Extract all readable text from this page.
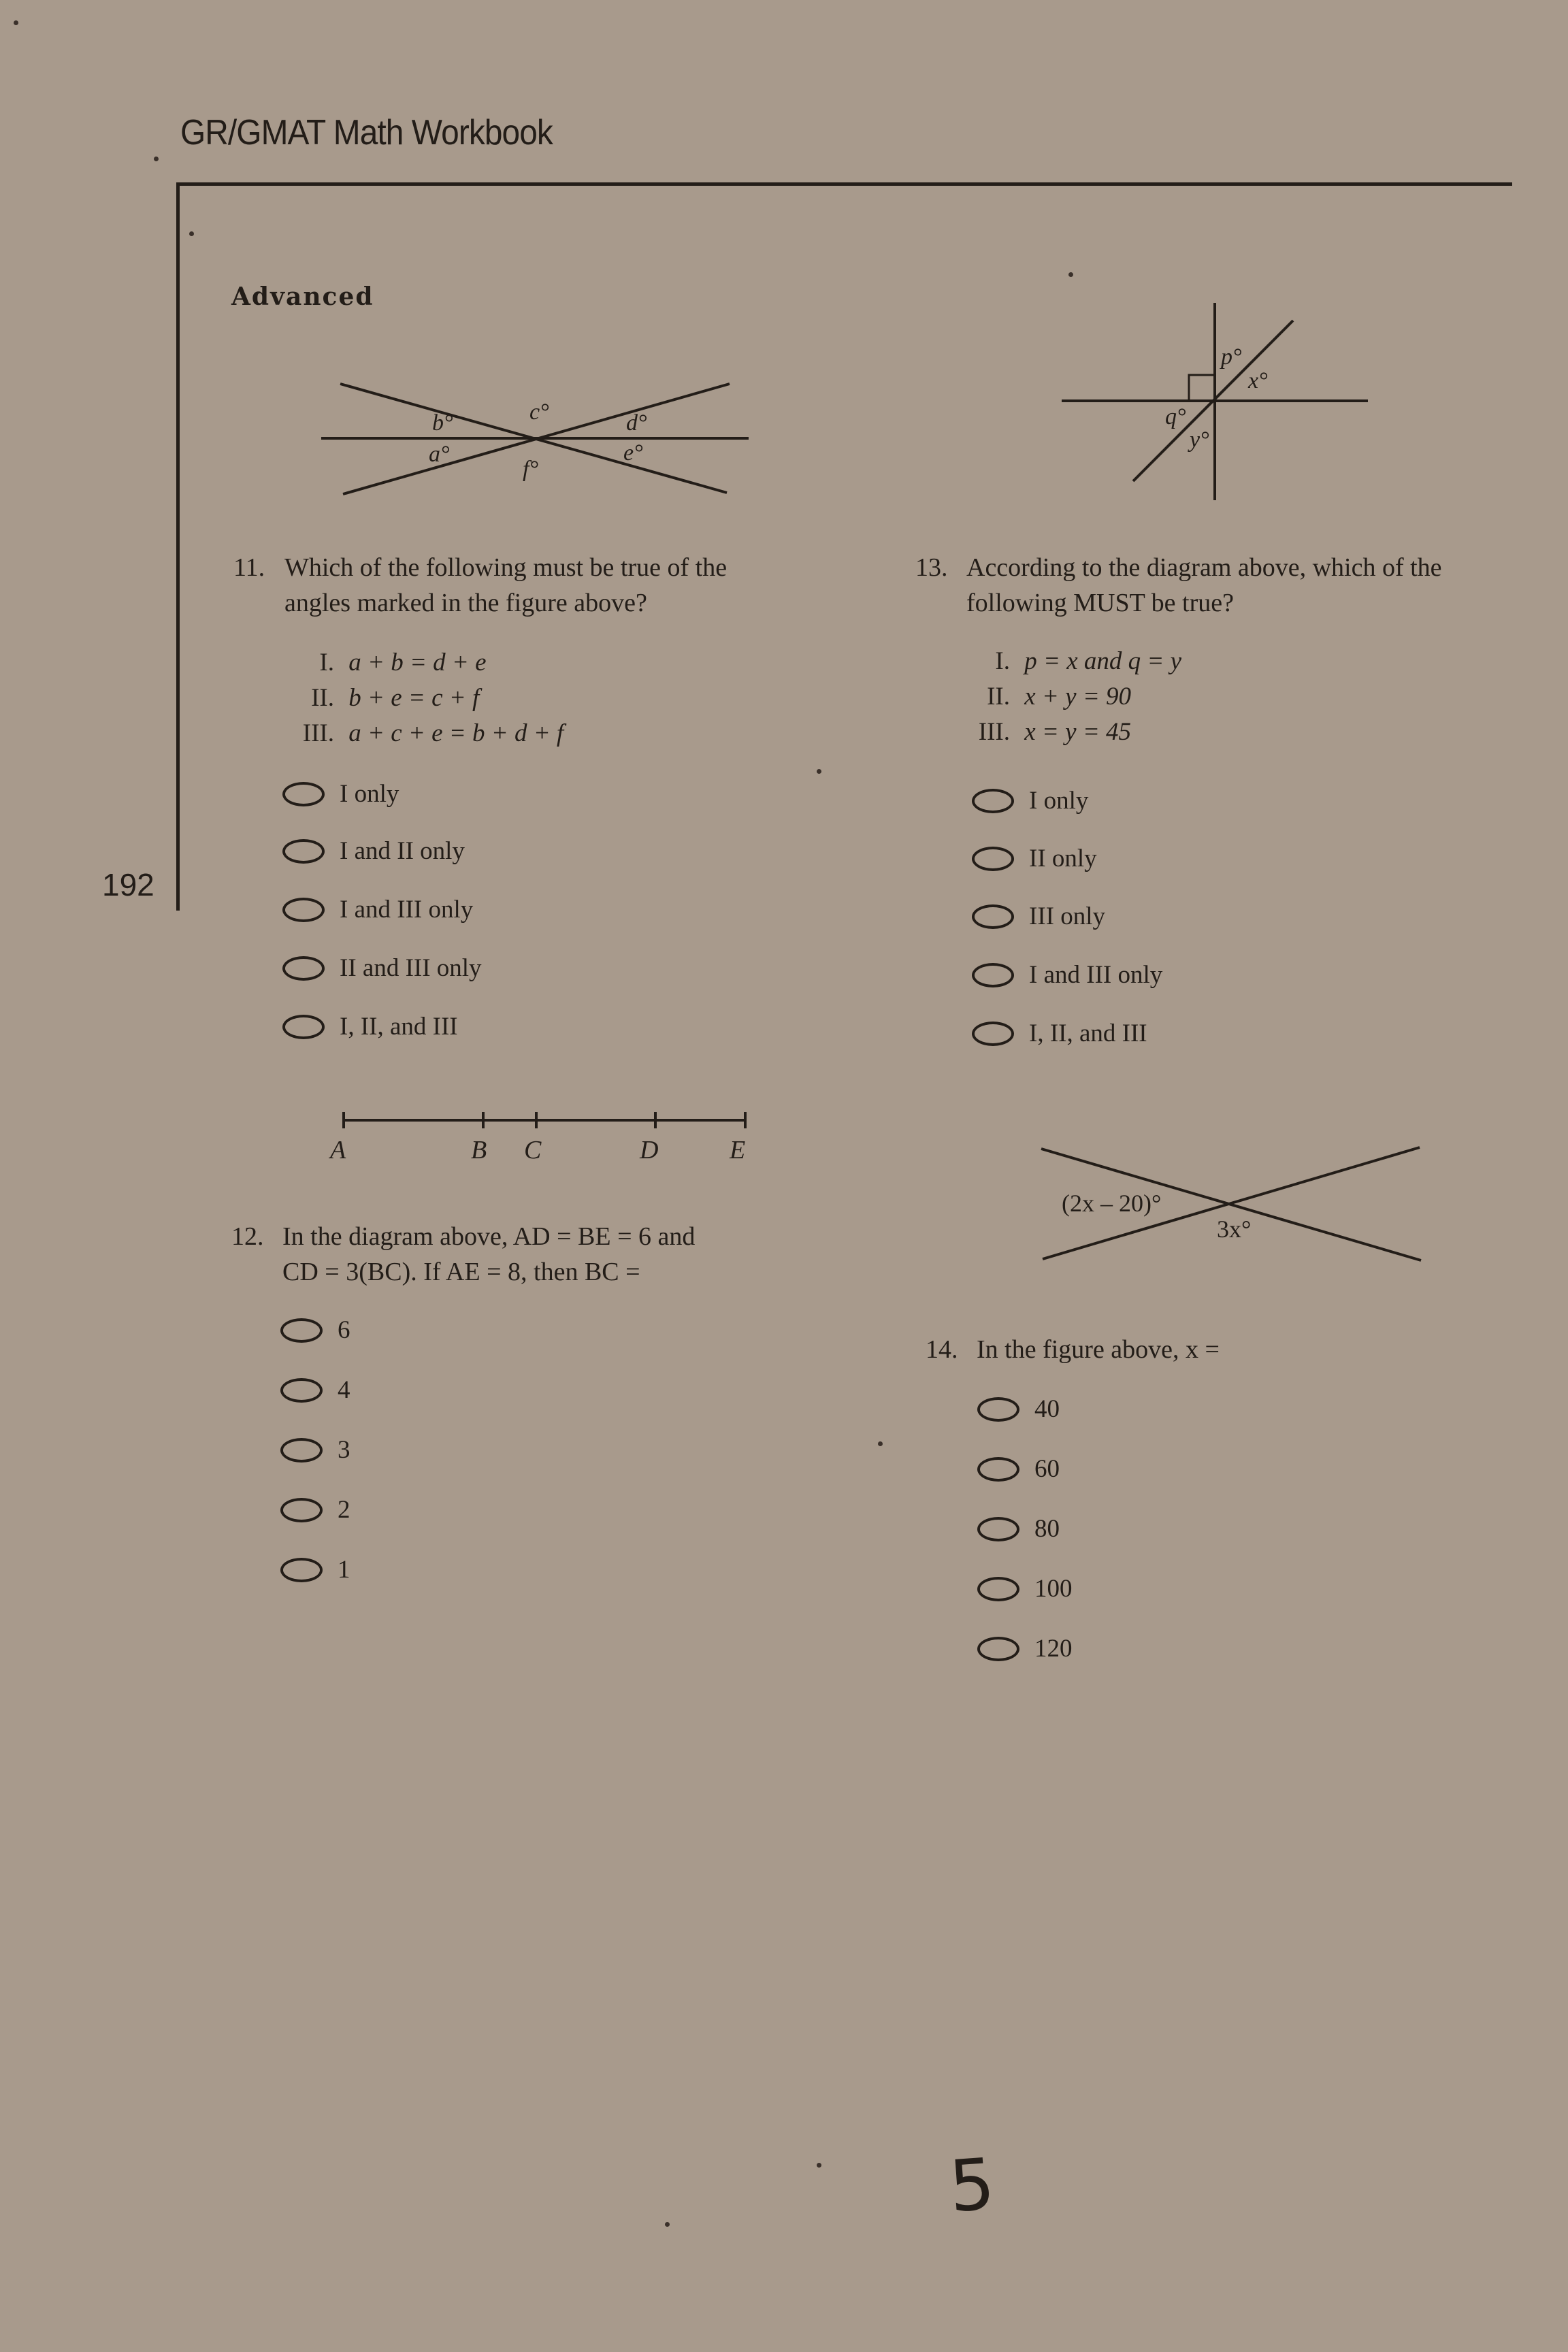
GR/GMAT Math Workbook
192
Advanced
b°	c°	d°
a°	e°
f°
p°
x°
q°
y°
11. Which of the following must be true of the
angles marked in the figure above?
I. a + b = d + e
II. b + e = c + f
III. a + c + e = b + d + f
I only
I and II only
I and III only
II and III only
I, II, and III
13. According to the diagram above, which of the
following MUST be true?
I. p = x and q = y
II. x + y = 90
III. x = y = 45
I only
II only
III only
I and III only
I, II, and III
A	B C	D	E
(2x – 20)°
3x°
12. In the diagram above, AD = BE = 6 and
CD = 3(BC). If AE = 8, then BC =
6
4
3
2
1
14. In the figure above, x =
40
60
80
100
120
5
